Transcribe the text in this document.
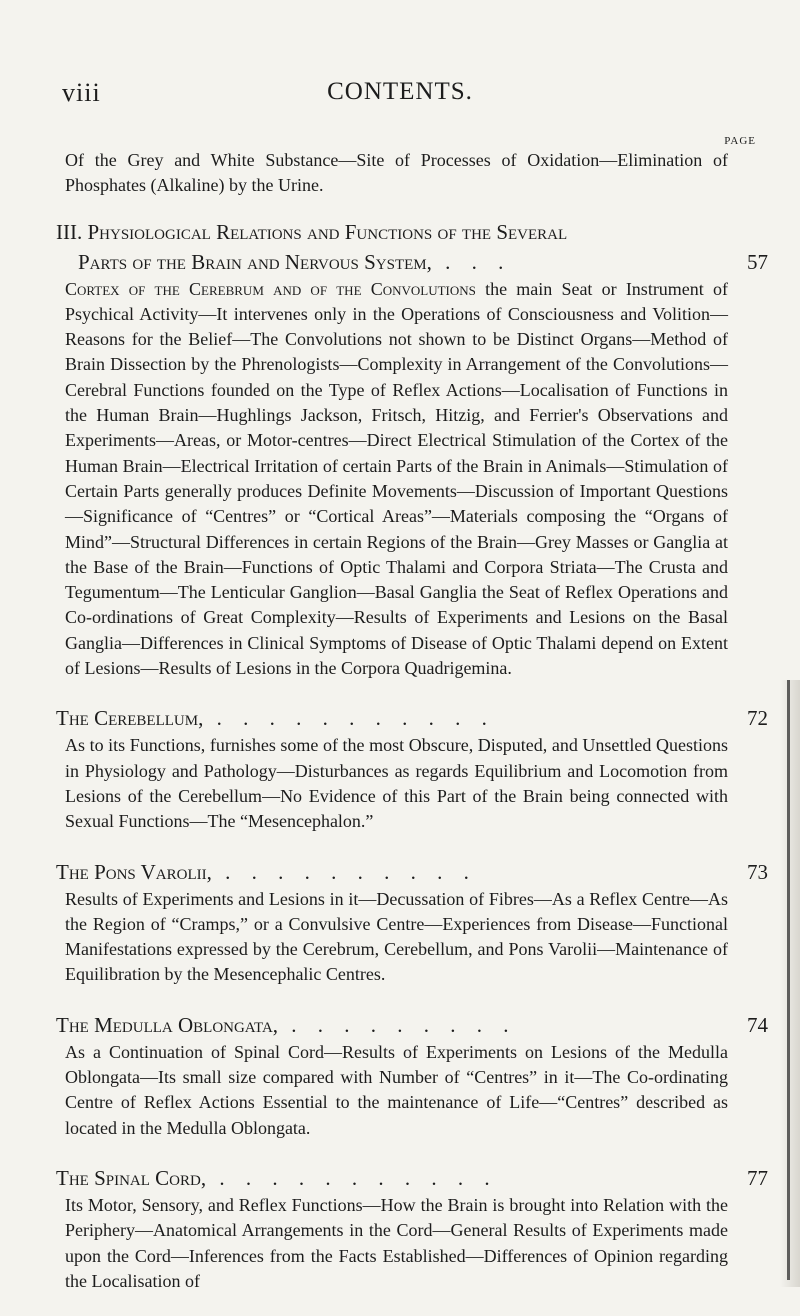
viii	CONTENTS.
PAGE

Of the Grey and White Substance—Site of Processes of Oxidation—Elimination of Phosphates (Alkaline) by the Urine.

III. Physiological Relations and Functions of the Several
Parts of the Brain and Nervous System, . . .	57

Cortex of the Cerebrum and of the Convolutions the main Seat or Instrument of Psychical Activity—It intervenes only in the Operations of Consciousness and Volition—Reasons for the Belief—The Convolutions not shown to be Distinct Organs—Method of Brain Dissection by the Phrenologists—Complexity in Arrangement of the Convolutions—Cerebral Functions founded on the Type of Reflex Actions—Localisation of Functions in the Human Brain—Hughlings Jackson, Fritsch, Hitzig, and Ferrier's Observations and Experiments—Areas, or Motor-centres—Direct Electrical Stimulation of the Cortex of the Human Brain—Electrical Irritation of certain Parts of the Brain in Animals—Stimulation of Certain Parts generally produces Definite Movements—Discussion of Important Questions—Significance of “Centres” or “Cortical Areas”—Materials composing the “Organs of Mind”—Structural Differences in certain Regions of the Brain—Grey Masses or Ganglia at the Base of the Brain—Functions of Optic Thalami and Corpora Striata—The Crusta and Tegumentum—The Lenticular Ganglion—Basal Ganglia the Seat of Reflex Operations and Co-ordinations of Great Complexity—Results of Experiments and Lesions on the Basal Ganglia—Differences in Clinical Symptoms of Disease of Optic Thalami depend on Extent of Lesions—Results of Lesions in the Corpora Quadrigemina.

The Cerebellum, . . . . . . . . . . .	72

As to its Functions, furnishes some of the most Obscure, Disputed, and Unsettled Questions in Physiology and Pathology—Disturbances as regards Equilibrium and Locomotion from Lesions of the Cerebellum—No Evidence of this Part of the Brain being connected with Sexual Functions—The “Mesencephalon.”

The Pons Varolii, . . . . . . . . . .	73

Results of Experiments and Lesions in it—Decussation of Fibres—As a Reflex Centre—As the Region of “Cramps,” or a Convulsive Centre—Experiences from Disease—Functional Manifestations expressed by the Cerebrum, Cerebellum, and Pons Varolii—Maintenance of Equilibration by the Mesencephalic Centres.

The Medulla Oblongata, . . . . . . . . .	74

As a Continuation of Spinal Cord—Results of Experiments on Lesions of the Medulla Oblongata—Its small size compared with Number of “Centres” in it—The Co-ordinating Centre of Reflex Actions Essential to the maintenance of Life—“Centres” described as located in the Medulla Oblongata.

The Spinal Cord, . . . . . . . . . . .	77

Its Motor, Sensory, and Reflex Functions—How the Brain is brought into Relation with the Periphery—Anatomical Arrangements in the Cord—General Results of Experiments made upon the Cord—Inferences from the Facts Established—Differences of Opinion regarding the Localisation of
